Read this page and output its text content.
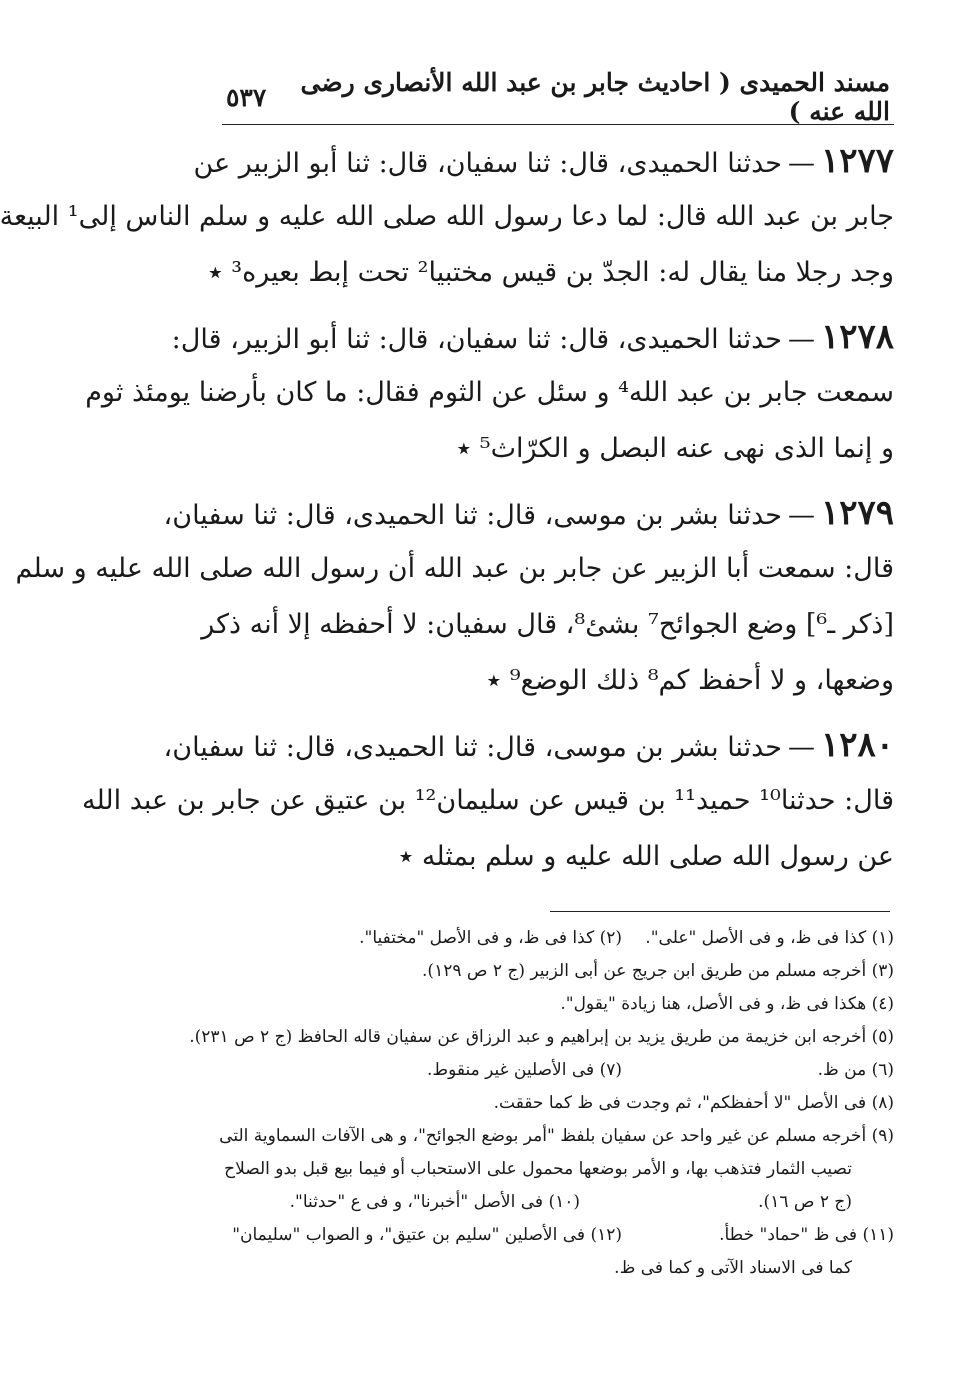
مسند الحميدى ( احاديث جابر بن عبد الله الأنصارى رضى الله عنه )
٥٣٧
١٢٧٧—حدثنا الحميدى، قال: ثنا سفيان، قال: ثنا أبو الزبير عن
جابر بن عبد الله قال: لما دعا رسول الله صلى الله عليه و سلم الناس إلى¹ البيعة
وجد رجلا منا يقال له: الجدّ بن قيس مختبيا² تحت إبط بعيره³ ٭
١٢٧٨—حدثنا الحميدى، قال: ثنا سفيان، قال: ثنا أبو الزبير، قال:
سمعت جابر بن عبد الله⁴ و سئل عن الثوم فقال: ما كان بأرضنا يومئذ ثوم
و إنما الذى نهى عنه البصل و الكرّاث⁵ ٭
١٢٧٩—حدثنا بشر بن موسى، قال: ثنا الحميدى، قال: ثنا سفيان،
قال: سمعت أبا الزبير عن جابر بن عبد الله أن رسول الله صلى الله عليه و سلم
[ذكر ـ⁶] وضع الجوائح⁷ بشئ⁸، قال سفيان: لا أحفظه إلا أنه ذكر
وضعها، و لا أحفظ كم⁸ ذلك الوضع⁹ ٭
١٢٨٠—حدثنا بشر بن موسى، قال: ثنا الحميدى، قال: ثنا سفيان،
قال: حدثنا¹⁰ حميد¹¹ بن قيس عن سليمان¹² بن عتيق عن جابر بن عبد الله
عن رسول الله صلى الله عليه و سلم بمثله ٭
(١) كذا فى ظ، و فى الأصل "على".
(٢) كذا فى ظ، و فى الأصل "مختفيا".
(٣) أخرجه مسلم من طريق ابن جريج عن أبى الزبير (ج ٢ ص ١٢٩).
(٤) هكذا فى ظ، و فى الأصل، هنا زيادة "يقول".
(٥) أخرجه ابن خزيمة من طريق يزيد بن إبراهيم و عبد الرزاق عن سفيان قاله الحافظ (ج ٢ ص ٢٣١).
(٦) من ظ.
(٧) فى الأصلين غير منقوط.
(٨) فى الأصل "لا أحفظكم"، ثم وجدت فى ظ كما حققت.
(٩) أخرجه مسلم عن غير واحد عن سفيان بلفظ "أمر بوضع الجوائح"، و هى الآفات السماوية التى
تصيب الثمار فتذهب بها، و الأمر بوضعها محمول على الاستحباب أو فيما بيع قبل بدو الصلاح
(ج ٢ ص ١٦).
(١٠) فى الأصل "أخبرنا"، و فى ع "حدثنا".
(١١) فى ظ "حماد" خطأ.
(١٢) فى الأصلين "سليم بن عتيق"، و الصواب "سليمان"
كما فى الاسناد الآتى و كما فى ظ.
